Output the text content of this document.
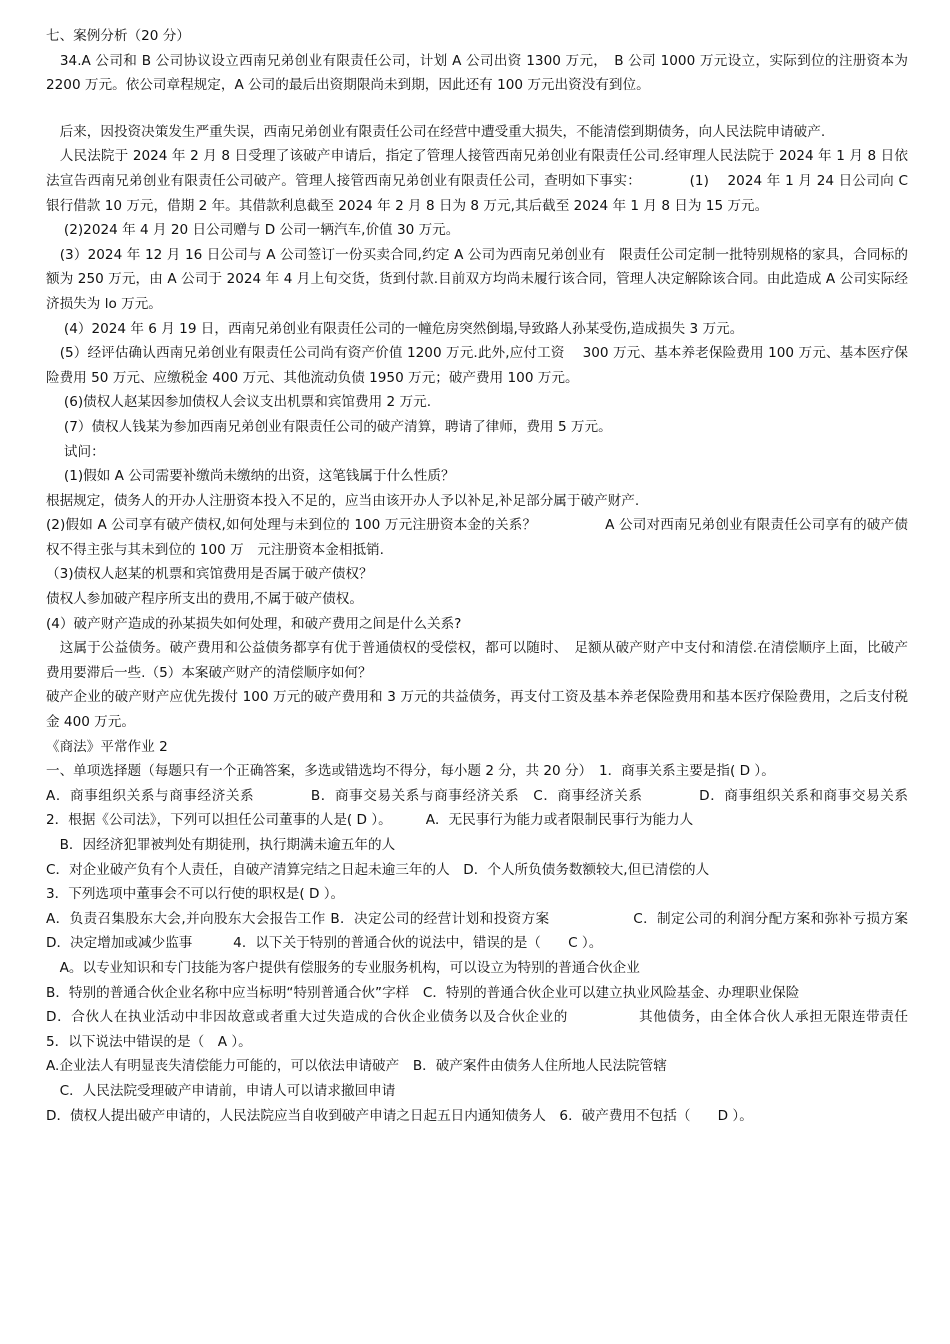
七、案例分析（20 分）

　34.A 公司和 B 公司协议设立西南兄弟创业有限责任公司，计划 A 公司出资 1300 万元，　B 公司 1000 万元设立，实际到位的注册资本为 2200 万元。依公司章程规定，A 公司的最后出资期限尚未到期，因此还有 100 万元出资没有到位。

　后来，因投资决策发生严重失误，西南兄弟创业有限责任公司在经营中遭受重大损失，不能清偿到期债务，向人民法院申请破产.

　人民法院于 2024 年 2 月 8 日受理了该破产申请后，指定了管理人接管西南兄弟创业有限责任公司.经审理人民法院于 2024 年 1 月 8 日依法宣告西南兄弟创业有限责任公司破产。管理人接管西南兄弟创业有限责任公司，查明如下事实：　　　　(1)　 2024 年 1 月 24 日公司向 C 银行借款 10 万元，借期 2 年。其借款利息截至 2024 年 2 月 8 日为 8 万元,其后截至 2024 年 1 月 8 日为 15 万元。

　 (2)2024 年 4 月 20 日公司赠与 D 公司一辆汽车,价值 30 万元。

　(3）2024 年 12 月 16 日公司与 A 公司签订一份买卖合同,约定 A 公司为西南兄弟创业有　限责任公司定制一批特别规格的家具，合同标的额为 250 万元，由 A 公司于 2024 年 4 月上旬交货，货到付款.目前双方均尚未履行该合同，管理人决定解除该合同。由此造成 A 公司实际经济损失为 lo 万元。

　 (4）2024 年 6 月 19 日，西南兄弟创业有限责任公司的一幢危房突然倒塌,导致路人孙某受伤,造成损失 3 万元。

　(5）经评估确认西南兄弟创业有限责任公司尚有资产价值 1200 万元.此外,应付工资　 300 万元、基本养老保险费用 100 万元、基本医疗保险费用 50 万元、应缴税金 400 万元、其他流动负债 1950 万元；破产费用 100 万元。

　 (6)债权人赵某因参加债权人会议支出机票和宾馆费用 2 万元.

　 (7）债权人钱某为参加西南兄弟创业有限责任公司的破产清算，聘请了律师，费用 5 万元。

　 试问：

　 (1)假如 A 公司需要补缴尚未缴纳的出资，这笔钱属于什么性质？

根据规定，债务人的开办人注册资本投入不足的，应当由该开办人予以补足,补足部分属于破产财产.

(2)假如 A 公司享有破产债权,如何处理与未到位的 100 万元注册资本金的关系？　　　　　A 公司对西南兄弟创业有限责任公司享有的破产债权不得主张与其未到位的 100 万　元注册资本金相抵销.

（3)债权人赵某的机票和宾馆费用是否属于破产债权？

债权人参加破产程序所支出的费用,不属于破产债权。

(4）破产财产造成的孙某损失如何处理，和破产费用之间是什么关系?

　这属于公益债务。破产费用和公益债务都享有优于普通债权的受偿权，都可以随时、　足额从破产财产中支付和清偿.在清偿顺序上面，比破产费用要滞后一些.（5）本案破产财产的清偿顺序如何？

破产企业的破产财产应优先拨付 100 万元的破产费用和 3 万元的共益债务，再支付工资及基本养老保险费用和基本医疗保险费用，之后支付税金 400 万元。

《商法》平常作业 2

一、单项选择题（每题只有一个正确答案，多选或错选均不得分，每小题 2 分，共 20 分）　1．商事关系主要是指( D ）。

A．商事组织关系与商事经济关系　　　　B．商事交易关系与商事经济关系　C．商事经济关系　　　　D．商事组织关系和商事交易关系　2．根据《公司法》，下列可以担任公司董事的人是( D ）。　　　A．无民事行为能力或者限制民事行为能力人

　B．因经济犯罪被判处有期徒刑，执行期满未逾五年的人

C．对企业破产负有个人责任，自破产清算完结之日起未逾三年的人　D．个人所负债务数额较大,但已清偿的人

3．下列选项中董事会不可以行使的职权是( D ）。

A．负责召集股东大会,并向股东大会报告工作 B．决定公司的经营计划和投资方案　　　　　　C．制定公司的利润分配方案和弥补亏损方案 D．决定增加或减少监事　　　4．以下关于特别的普通合伙的说法中，错误的是（　　C ）。

　A。以专业知识和专门技能为客户提供有偿服务的专业服务机构，可以设立为特别的普通合伙企业

B．特别的普通合伙企业名称中应当标明“特别普通合伙”字样　C．特别的普通合伙企业可以建立执业风险基金、办理职业保险

D．合伙人在执业活动中非因故意或者重大过失造成的合伙企业债务以及合伙企业的　　　　　其他债务，由全体合伙人承担无限连带责任　　　5．以下说法中错误的是（　A ）。

A.企业法人有明显丧失清偿能力可能的，可以依法申请破产　B．破产案件由债务人住所地人民法院管辖

　C．人民法院受理破产申请前，申请人可以请求撤回申请

D．债权人提出破产申请的，人民法院应当自收到破产申请之日起五日内通知债务人　6．破产费用不包括（　　D ）。
